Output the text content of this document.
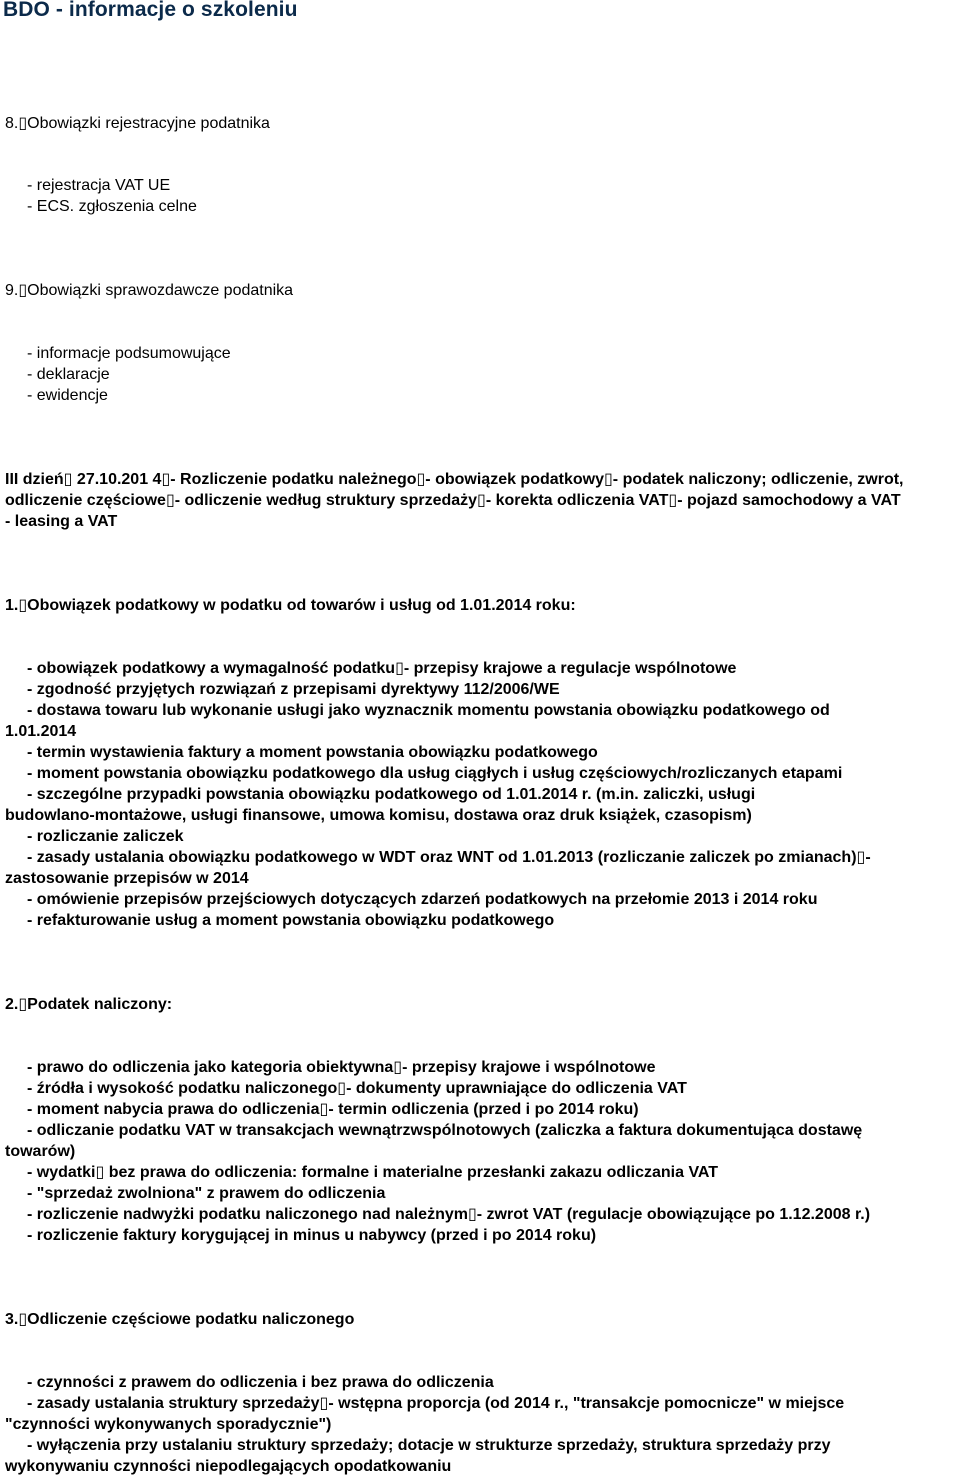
BDO - informacje o szkoleniu
8.▯Obowiązki rejestracyjne podatnika
- rejestracja VAT UE
- ECS. zgłoszenia celne
9.▯Obowiązki sprawozdawcze podatnika
- informacje podsumowujące
- deklaracje
- ewidencje
III dzień▯ 27.10.201 4▯- Rozliczenie podatku należnego▯- obowiązek podatkowy▯- podatek naliczony; odliczenie, zwrot,
odliczenie częściowe▯- odliczenie według struktury sprzedaży▯- korekta odliczenia VAT▯- pojazd samochodowy a VAT
- leasing a VAT
1.▯Obowiązek podatkowy w podatku od towarów i usług od 1.01.2014 roku:
- obowiązek podatkowy a wymagalność podatku▯- przepisy krajowe a regulacje wspólnotowe
- zgodność przyjętych rozwiązań z przepisami dyrektywy 112/2006/WE
- dostawa towaru lub wykonanie usługi jako wyznacznik momentu powstania obowiązku podatkowego od
1.01.2014
- termin wystawienia faktury a moment powstania obowiązku podatkowego
- moment powstania obowiązku podatkowego dla usług ciągłych i usług częściowych/rozliczanych etapami
- szczególne przypadki powstania obowiązku podatkowego od 1.01.2014 r. (m.in. zaliczki, usługi
budowlano-montażowe, usługi finansowe, umowa komisu, dostawa oraz druk książek, czasopism)
- rozliczanie zaliczek
- zasady ustalania obowiązku podatkowego w WDT oraz WNT od 1.01.2013 (rozliczanie zaliczek po zmianach)▯-
zastosowanie przepisów w 2014
- omówienie przepisów przejściowych dotyczących zdarzeń podatkowych na przełomie 2013 i 2014 roku
- refakturowanie usług a moment powstania obowiązku podatkowego
2.▯Podatek naliczony:
- prawo do odliczenia jako kategoria obiektywna▯- przepisy krajowe i wspólnotowe
- źródła i wysokość podatku naliczonego▯- dokumenty uprawniające do odliczenia VAT
- moment nabycia prawa do odliczenia▯- termin odliczenia (przed i po 2014 roku)
- odliczanie podatku VAT w transakcjach wewnątrzwspólnotowych (zaliczka a faktura dokumentująca dostawę
towarów)
- wydatki▯ bez prawa do odliczenia: formalne i materialne przesłanki zakazu odliczania VAT
- "sprzedaż zwolniona" z prawem do odliczenia
- rozliczenie nadwyżki podatku naliczonego nad należnym▯- zwrot VAT (regulacje obowiązujące po 1.12.2008 r.)
- rozliczenie faktury korygującej in minus u nabywcy (przed i po 2014 roku)
3.▯Odliczenie częściowe podatku naliczonego
- czynności z prawem do odliczenia i bez prawa do odliczenia
- zasady ustalania struktury sprzedaży▯- wstępna proporcja (od 2014 r., "transakcje pomocnicze" w miejsce
"czynności wykonywanych sporadycznie")
- wyłączenia przy ustalaniu struktury sprzedaży; dotacje w strukturze sprzedaży, struktura sprzedaży przy
wykonywaniu czynności niepodlegających opodatkowaniu
